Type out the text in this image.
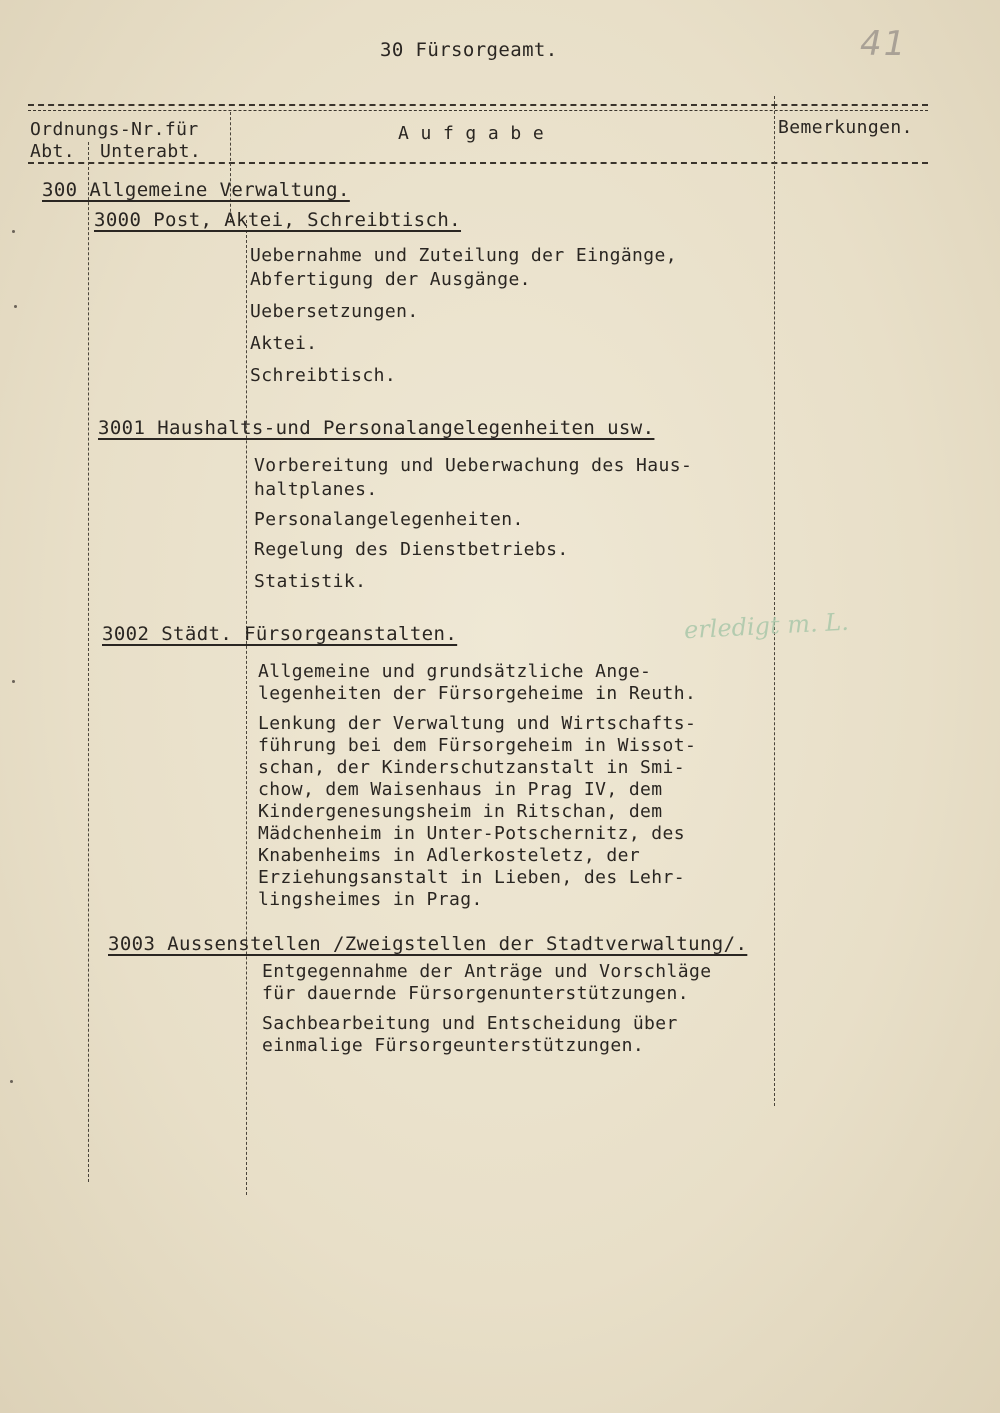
30 Fürsorgeamt.	41
Ordnungs-Nr.für
Abt. Unterabt.
A u f g a b e	Bemerkungen.
300 Allgemeine Verwaltung.
3000 Post, Aktei, Schreibtisch.
Uebernahme und Zuteilung der Eingänge,
Abfertigung der Ausgänge.
Uebersetzungen.
Aktei.
Schreibtisch.
3001 Haushalts-und Personalangelegenheiten usw.
Vorbereitung und Ueberwachung des Haus-
haltplanes.
Personalangelegenheiten.
Regelung des Dienstbetriebs.
Statistik.
3002 Städt. Fürsorgeanstalten.	erledigt m. L.
Allgemeine und grundsätzliche Ange-
legenheiten der Fürsorgeheime in Reuth.
Lenkung der Verwaltung und Wirtschafts-
führung bei dem Fürsorgeheim in Wissot-
schan, der Kinderschutzanstalt in Smi-
chow, dem Waisenhaus in Prag IV, dem
Kindergenesungsheim in Ritschan, dem
Mädchenheim in Unter-Potschernitz, des
Knabenheims in Adlerkosteletz, der
Erziehungsanstalt in Lieben, des Lehr-
lingsheimes in Prag.
3003 Aussenstellen /Zweigstellen der Stadtverwaltung/.
Entgegennahme der Anträge und Vorschläge
für dauernde Fürsorgenunterstützungen.
Sachbearbeitung und Entscheidung über
einmalige Fürsorgeunterstützungen.
